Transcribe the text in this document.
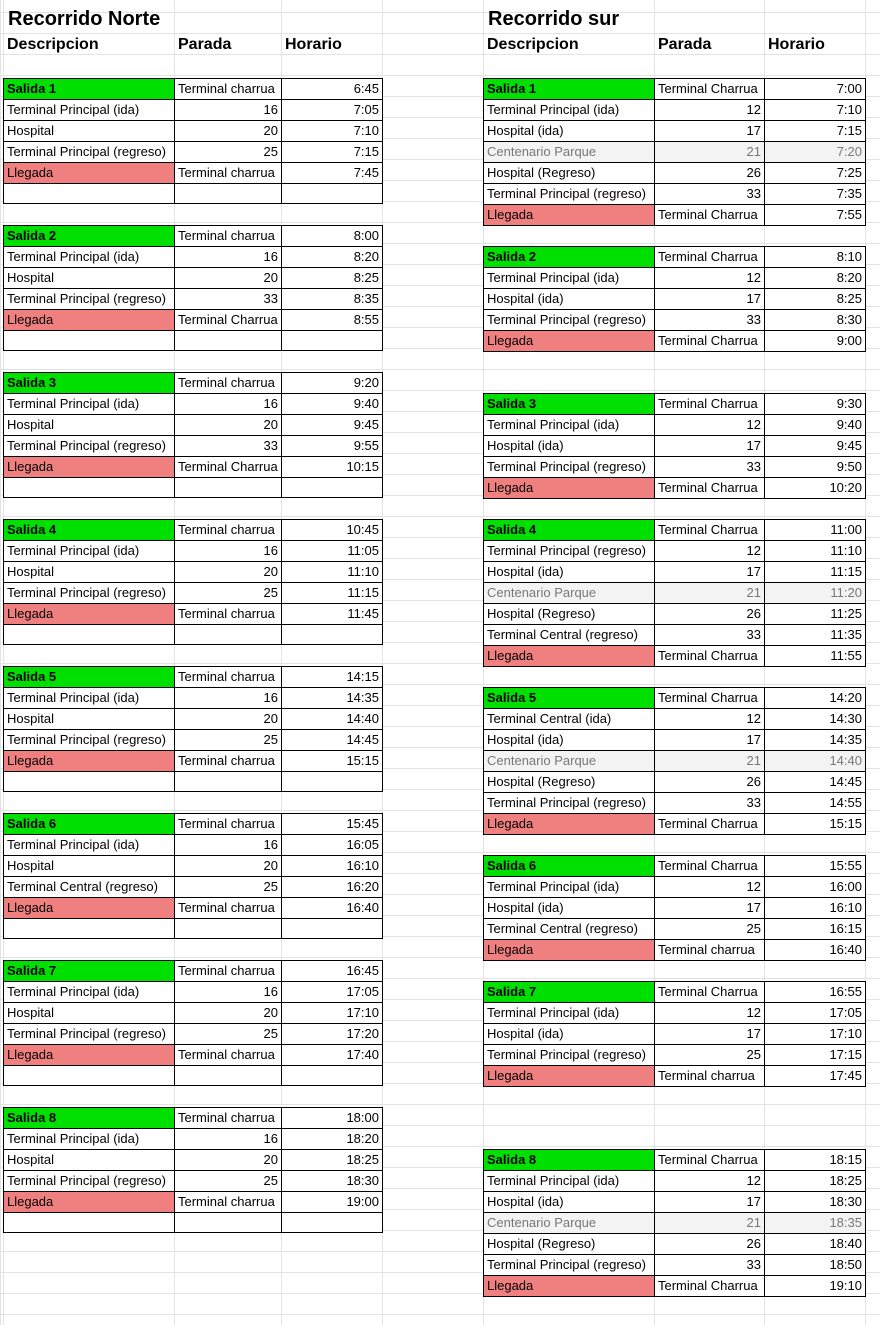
Recorrido Norte
Descripcion	Parada	Horario
Salida 1	Terminal charrua	6:45
Terminal Principal (ida)	16	7:05
Hospital	20	7:10
Terminal Principal (regreso)	25	7:15
Llegada	Terminal charrua	7:45

Salida 2	Terminal charrua	8:00
Terminal Principal (ida)	16	8:20
Hospital	20	8:25
Terminal Principal (regreso)	33	8:35
Llegada	Terminal Charrua	8:55

Salida 3	Terminal charrua	9:20
Terminal Principal (ida)	16	9:40
Hospital	20	9:45
Terminal Principal (regreso)	33	9:55
Llegada	Terminal Charrua	10:15

Salida 4	Terminal charrua	10:45
Terminal Principal (ida)	16	11:05
Hospital	20	11:10
Terminal Principal (regreso)	25	11:15
Llegada	Terminal charrua	11:45

Salida 5	Terminal charrua	14:15
Terminal Principal (ida)	16	14:35
Hospital	20	14:40
Terminal Principal (regreso)	25	14:45
Llegada	Terminal charrua	15:15

Salida 6	Terminal charrua	15:45
Terminal Principal (ida)	16	16:05
Hospital	20	16:10
Terminal Central (regreso)	25	16:20
Llegada	Terminal charrua	16:40

Salida 7	Terminal charrua	16:45
Terminal Principal (ida)	16	17:05
Hospital	20	17:10
Terminal Principal (regreso)	25	17:20
Llegada	Terminal charrua	17:40

Salida 8	Terminal charrua	18:00
Terminal Principal (ida)	16	18:20
Hospital	20	18:25
Terminal Principal (regreso)	25	18:30
Llegada	Terminal charrua	19:00

Recorrido sur
Descripcion	Parada	Horario
Salida 1	Terminal Charrua	7:00
Terminal Principal (ida)	12	7:10
Hospital (ida)	17	7:15
Centenario Parque	21	7:20
Hospital (Regreso)	26	7:25
Terminal Principal (regreso)	33	7:35
Llegada	Terminal Charrua	7:55
Salida 2	Terminal Charrua	8:10
Terminal Principal (ida)	12	8:20
Hospital (ida)	17	8:25
Terminal Principal (regreso)	33	8:30
Llegada	Terminal Charrua	9:00
Salida 3	Terminal Charrua	9:30
Terminal Principal (ida)	12	9:40
Hospital (ida)	17	9:45
Terminal Principal (regreso)	33	9:50
Llegada	Terminal Charrua	10:20
Salida 4	Terminal Charrua	11:00
Terminal Principal (regreso)	12	11:10
Hospital (ida)	17	11:15
Centenario Parque	21	11:20
Hospital (Regreso)	26	11:25
Terminal Central (regreso)	33	11:35
Llegada	Terminal Charrua	11:55
Salida 5	Terminal Charrua	14:20
Terminal Central (ida)	12	14:30
Hospital (ida)	17	14:35
Centenario Parque	21	14:40
Hospital (Regreso)	26	14:45
Terminal Principal (regreso)	33	14:55
Llegada	Terminal Charrua	15:15
Salida 6	Terminal Charrua	15:55
Terminal Principal (ida)	12	16:00
Hospital (ida)	17	16:10
Terminal Central (regreso)	25	16:15
Llegada	Terminal charrua	16:40
Salida 7	Terminal Charrua	16:55
Terminal Principal (ida)	12	17:05
Hospital (ida)	17	17:10
Terminal Principal (regreso)	25	17:15
Llegada	Terminal charrua	17:45
Salida 8	Terminal Charrua	18:15
Terminal Principal (ida)	12	18:25
Hospital (ida)	17	18:30
Centenario Parque	21	18:35
Hospital (Regreso)	26	18:40
Terminal Principal (regreso)	33	18:50
Llegada	Terminal Charrua	19:10
